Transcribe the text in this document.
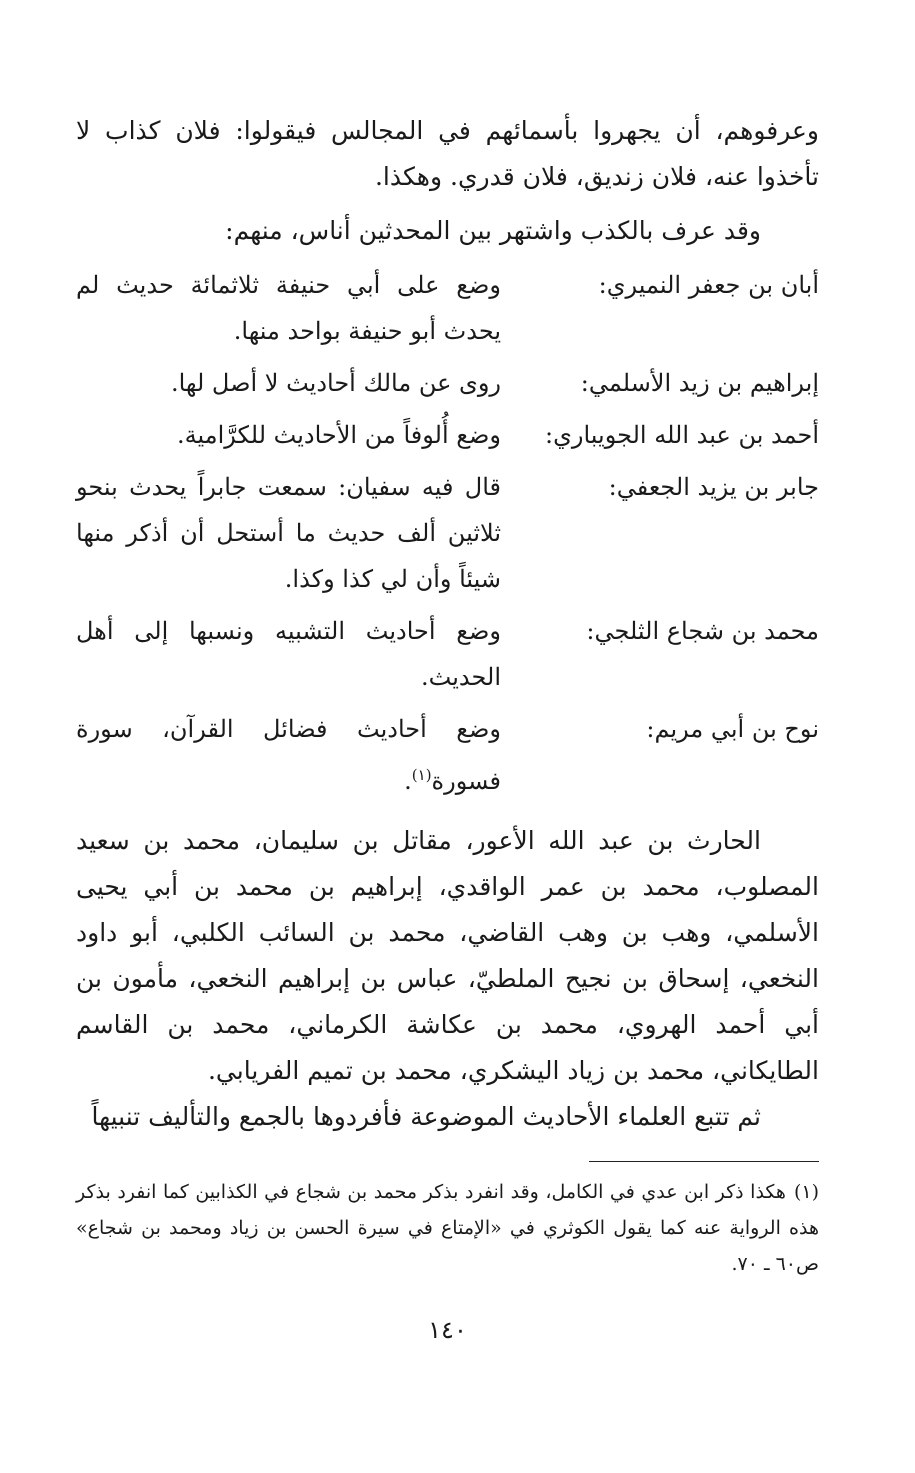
وعرفوهم، أن يجهروا بأسمائهم في المجالس فيقولوا: فلان كذاب لا تأخذوا عنه، فلان زنديق، فلان قدري. وهكذا.

وقد عرف بالكذب واشتهر بين المحدثين أناس، منهم:

أبان بن جعفر النميري:
وضع على أبي حنيفة ثلاثمائة حديث لم يحدث أبو حنيفة بواحد منها.
إبراهيم بن زيد الأسلمي:
روى عن مالك أحاديث لا أصل لها.
أحمد بن عبد الله الجويباري:
وضع أُلوفاً من الأحاديث للكرَّامية.
جابر بن يزيد الجعفي:
قال فيه سفيان: سمعت جابراً يحدث بنحو ثلاثين ألف حديث ما أستحل أن أذكر منها شيئاً وأن لي كذا وكذا.
محمد بن شجاع الثلجي:
وضع أحاديث التشبيه ونسبها إلى أهل الحديث.
نوح بن أبي مريم:
وضع أحاديث فضائل القرآن، سورة فسورة$^{(١)}$.

الحارث بن عبد الله الأعور، مقاتل بن سليمان، محمد بن سعيد المصلوب، محمد بن عمر الواقدي، إبراهيم بن محمد بن أبي يحيى الأسلمي، وهب بن وهب القاضي، محمد بن السائب الكلبي، أبو داود النخعي، إسحاق بن نجيح الملطيّ، عباس بن إبراهيم النخعي، مأمون بن أبي أحمد الهروي، محمد بن عكاشة الكرماني، محمد بن القاسم الطايكاني، محمد بن زياد اليشكري، محمد بن تميم الفريابي.

ثم تتبع العلماء الأحاديث الموضوعة فأفردوها بالجمع والتأليف تنبيهاً

(١)هكذا ذكر ابن عدي في الكامل، وقد انفرد بذكر محمد بن شجاع في الكذابين كما انفرد بذكر هذه الرواية عنه كما يقول الكوثري في «الإمتاع في سيرة الحسن بن زياد ومحمد بن شجاع» ص٦٠ ـ ٧٠.
١٤٠
